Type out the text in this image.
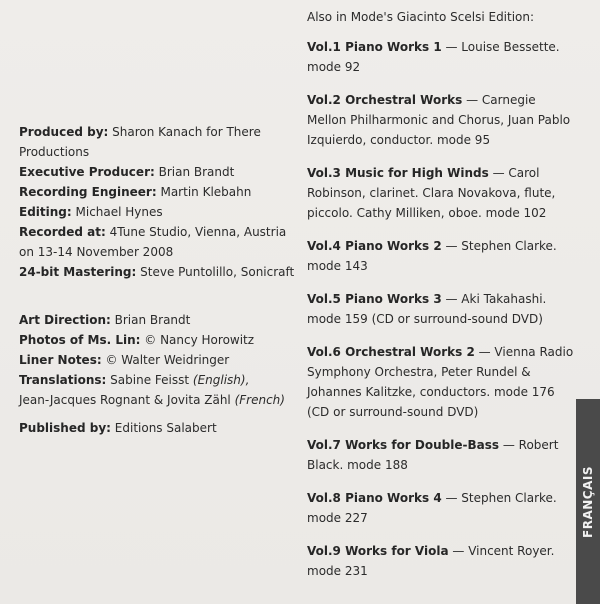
Produced by: Sharon Kanach for There Productions

Executive Producer: Brian Brandt

Recording Engineer: Martin Klebahn

Editing: Michael Hynes

Recorded at: 4Tune Studio, Vienna, Austria

on 13-14 November 2008

24-bit Mastering: Steve Puntolillo, Sonicraft

Art Direction: Brian Brandt

Photos of Ms. Lin: © Nancy Horowitz

Liner Notes: © Walter Weidringer

Translations: Sabine Feisst (English),

Jean-Jacques Rognant & Jovita Zähl (French)

Published by: Editions Salabert

Also in Mode's Giacinto Scelsi Edition:

Vol.1 Piano Works 1 — Louise Bessette. mode 92

Vol.2 Orchestral Works — Carnegie Mellon Philharmonic and Chorus, Juan Pablo Izquierdo, conductor. mode 95

Vol.3 Music for High Winds — Carol Robinson, clarinet. Clara Novakova, flute, piccolo. Cathy Milliken, oboe. mode 102

Vol.4 Piano Works 2 — Stephen Clarke. mode 143

Vol.5 Piano Works 3 — Aki Takahashi. mode 159 (CD or surround-sound DVD)

Vol.6 Orchestral Works 2 — Vienna Radio Symphony Orchestra, Peter Rundel & Johannes Kalitzke, conductors. mode 176 (CD or surround-sound DVD)

Vol.7 Works for Double-Bass — Robert Black. mode 188

Vol.8 Piano Works 4 — Stephen Clarke. mode 227

Vol.9 Works for Viola — Vincent Royer. mode 231

FRANÇAIS
